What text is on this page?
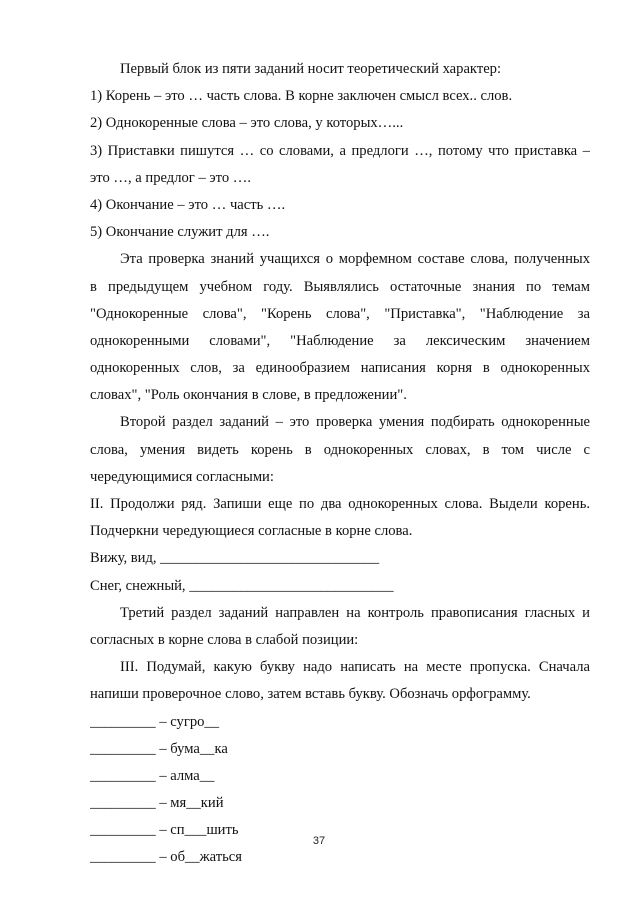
Первый блок из пяти заданий носит теоретический характер:
1) Корень – это … часть слова. В корне заключен смысл всех.. слов.
2) Однокоренные слова – это слова, у которых…...
3) Приставки пишутся … со словами, а предлоги …, потому что приставка –
это …, а предлог – это ….
4) Окончание – это … часть ….
5) Окончание служит для ….
Эта проверка знаний учащихся о морфемном составе слова, полученных
в предыдущем учебном году. Выявлялись остаточные знания по темам
"Однокоренные слова", "Корень слова", "Приставка", "Наблюдение за
однокоренными словами", "Наблюдение за лексическим значением
однокоренных слов, за единообразием написания корня в однокоренных
словах", "Роль окончания в слове, в предложении".
Второй раздел заданий – это проверка умения подбирать однокоренные
слова, умения видеть корень в однокоренных словах, в том числе с
чередующимися согласными:
II. Продолжи ряд. Запиши еще по два однокоренных слова. Выдели корень.
Подчеркни чередующиеся согласные в корне слова.
Вижу, вид, ______________________________
Снег, снежный, ____________________________
Третий раздел заданий направлен на контроль правописания гласных и
согласных в корне слова в слабой позиции:
III. Подумай, какую букву надо написать на месте пропуска. Сначала
напиши проверочное слово, затем вставь букву. Обозначь орфограмму.
_________ – сугро__
_________ – бума__ка
_________ – алма__
_________ – мя__кий
_________ – сп___шить
_________ – об__жаться
37
